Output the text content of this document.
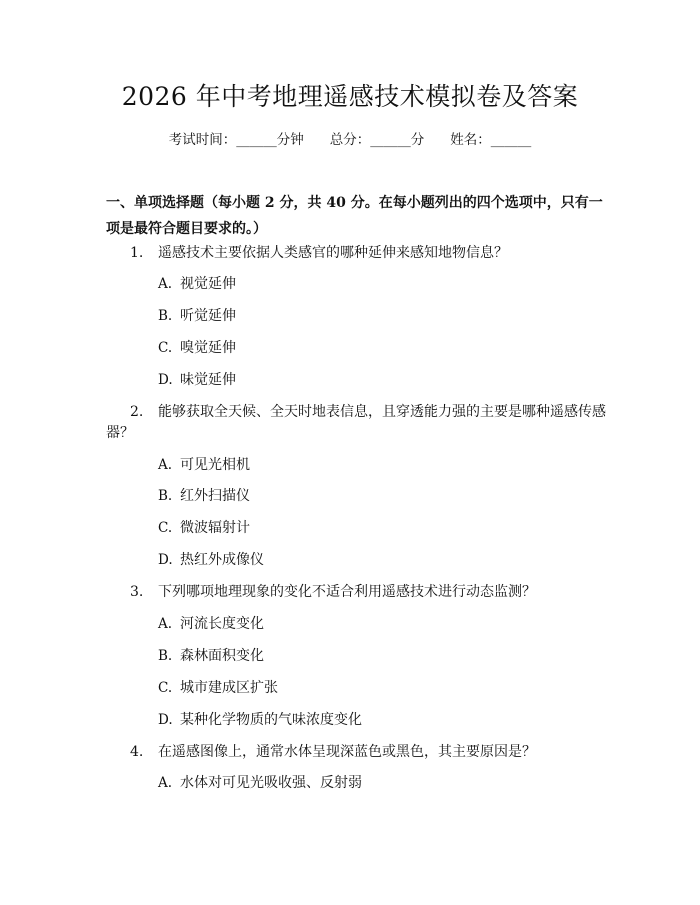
2026 年中考地理遥感技术模拟卷及答案
考试时间：______分钟 总分：______分 姓名：______
一、单项选择题（每小题 2 分，共 40 分。在每小题列出的四个选项中，只有一项是最符合题目要求的。）
1. 遥感技术主要依据人类感官的哪种延伸来感知地物信息？
A. 视觉延伸
B. 听觉延伸
C. 嗅觉延伸
D. 味觉延伸
2. 能够获取全天候、全天时地表信息，且穿透能力强的主要是哪种遥感传感
器？
A. 可见光相机
B. 红外扫描仪
C. 微波辐射计
D. 热红外成像仪
3. 下列哪项地理现象的变化不适合利用遥感技术进行动态监测？
A. 河流长度变化
B. 森林面积变化
C. 城市建成区扩张
D. 某种化学物质的气味浓度变化
4. 在遥感图像上，通常水体呈现深蓝色或黑色，其主要原因是？
A. 水体对可见光吸收强、反射弱
